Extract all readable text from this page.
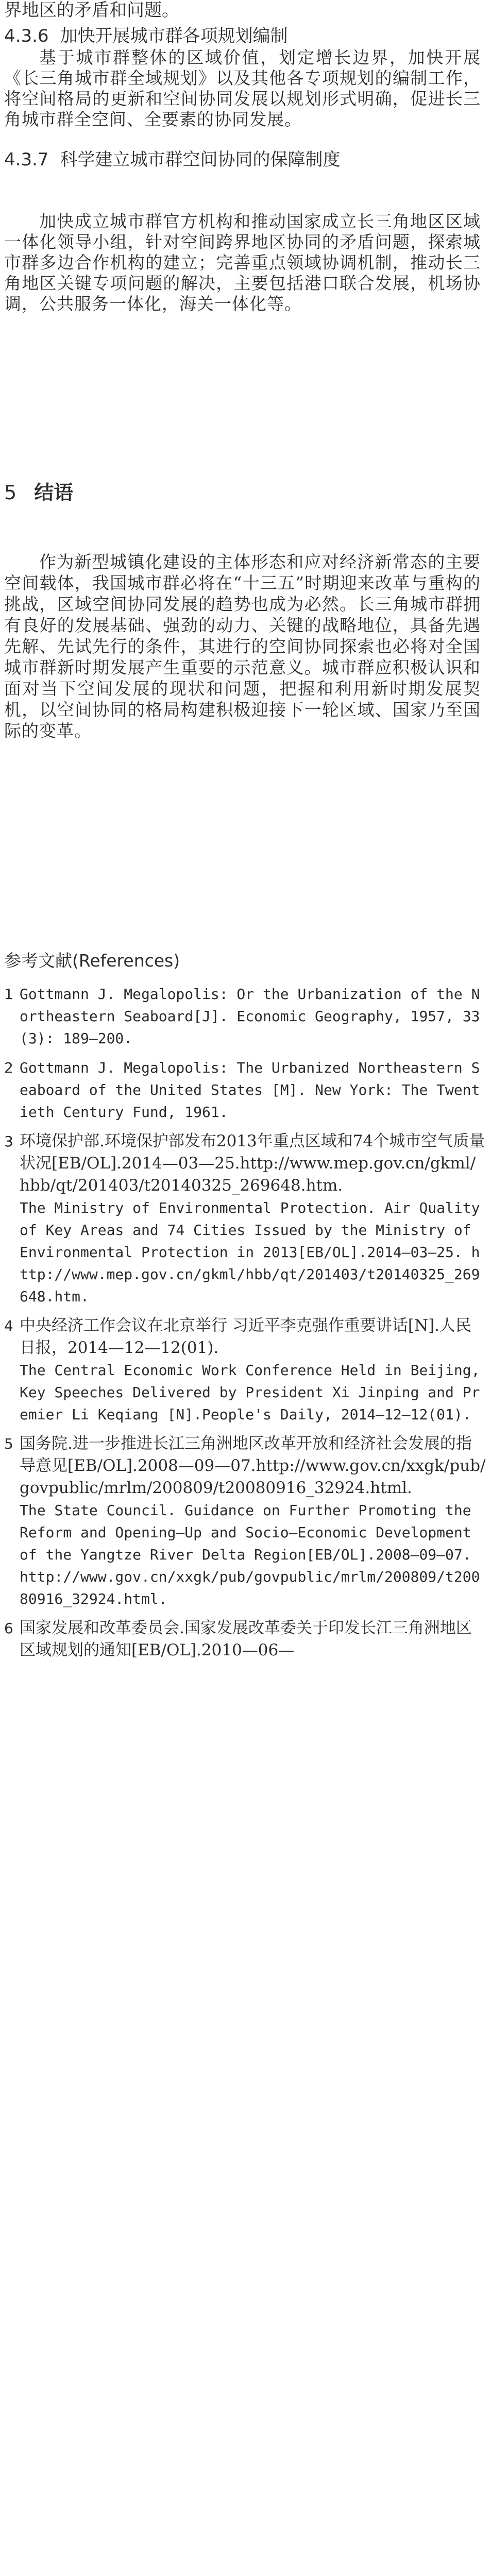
界地区的矛盾和问题。
4.3.6 加快开展城市群各项规划编制
基于城市群整体的区域价值，划定增长边界，加快开展《长三角城市群全域规划》以及其他各专项规划的编制工作，将空间格局的更新和空间协同发展以规划形式明确，促进长三角城市群全空间、全要素的协同发展。
4.3.7 科学建立城市群空间协同的保障制度
加快成立城市群官方机构和推动国家成立长三角地区区域一体化领导小组，针对空间跨界地区协同的矛盾问题，探索城市群多边合作机构的建立；完善重点领域协调机制，推动长三角地区关键专项问题的解决，主要包括港口联合发展，机场协调，公共服务一体化，海关一体化等。
5 结语
作为新型城镇化建设的主体形态和应对经济新常态的主要空间载体，我国城市群必将在“十三五”时期迎来改革与重构的挑战，区域空间协同发展的趋势也成为必然。长三角城市群拥有良好的发展基础、强劲的动力、关键的战略地位，具备先遇先解、先试先行的条件，其进行的空间协同探索也必将对全国城市群新时期发展产生重要的示范意义。城市群应积极认识和面对当下空间发展的现状和问题，把握和利用新时期发展契机，以空间协同的格局构建积极迎接下一轮区域、国家乃至国际的变革。
参考文献(References)
1 Gottmann J. Megalopolis: Or the Urbanization of the Northeastern Seaboard[J]. Economic Geography, 1957, 33(3): 189—200.
2 Gottmann J. Megalopolis: The Urbanized Northeastern Seaboard of the United States [M]. New York: The Twentieth Century Fund, 1961.
3 环境保护部.环境保护部发布2013年重点区域和74个城市空气质量状况[EB/OL].2014—03—25.http://www.mep.gov.cn/gkml/hbb/qt/201403/t20140325_269648.htm.
The Ministry of Environmental Protection. Air Quality of Key Areas and 74 Cities Issued by the Ministry of Environmental Protection in 2013[EB/OL].2014—03—25. http://www.mep.gov.cn/gkml/hbb/qt/201403/t20140325_269648.htm.
4 中央经济工作会议在北京举行 习近平李克强作重要讲话[N].人民日报，2014—12—12(01).
The Central Economic Work Conference Held in Beijing, Key Speeches Delivered by President Xi Jinping and Premier Li Keqiang [N].People's Daily, 2014—12—12(01).
5 国务院.进一步推进长江三角洲地区改革开放和经济社会发展的指导意见[EB/OL].2008—09—07.http://www.gov.cn/xxgk/pub/govpublic/mrlm/200809/t20080916_32924.html.
The State Council. Guidance on Further Promoting the Reform and Opening—Up and Socio—Economic Development of the Yangtze River Delta Region[EB/OL].2008—09—07. http://www.gov.cn/xxgk/pub/govpublic/mrlm/200809/t20080916_32924.html.
6 国家发展和改革委员会.国家发展改革委关于印发长江三角洲地区区域规划的通知[EB/OL].2010—06—
